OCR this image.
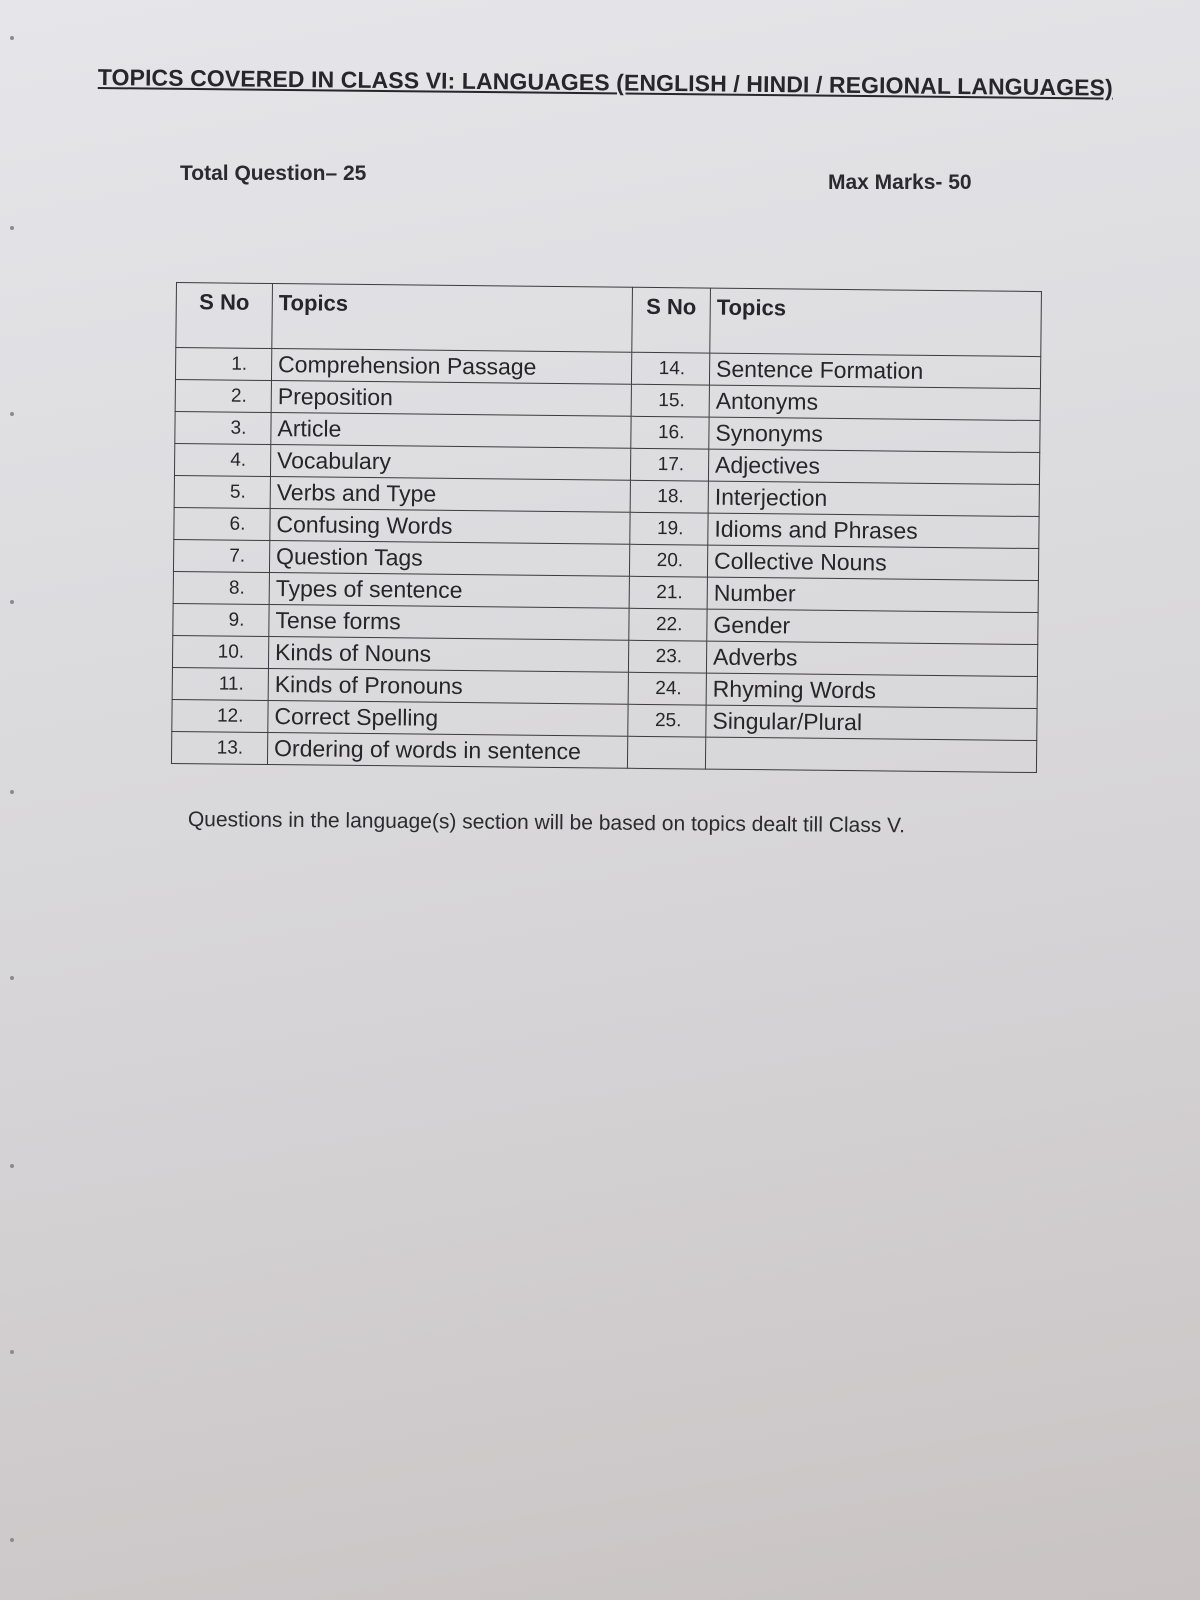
TOPICS COVERED IN CLASS VI: LANGUAGES (ENGLISH / HINDI / REGIONAL LANGUAGES)
Total Question– 25	Max Marks- 50
S No	Topics	S No	Topics
1.	Comprehension Passage	14.	Sentence Formation
2.	Preposition	15.	Antonyms
3.	Article	16.	Synonyms
4.	Vocabulary	17.	Adjectives
5.	Verbs and Type	18.	Interjection
6.	Confusing Words	19.	Idioms and Phrases
7.	Question Tags	20.	Collective Nouns
8.	Types of sentence	21.	Number
9.	Tense forms	22.	Gender
10.	Kinds of Nouns	23.	Adverbs
11.	Kinds of Pronouns	24.	Rhyming Words
12.	Correct Spelling	25.	Singular/Plural
13.	Ordering of words in sentence		
Questions in the language(s) section will be based on topics dealt till Class V.
